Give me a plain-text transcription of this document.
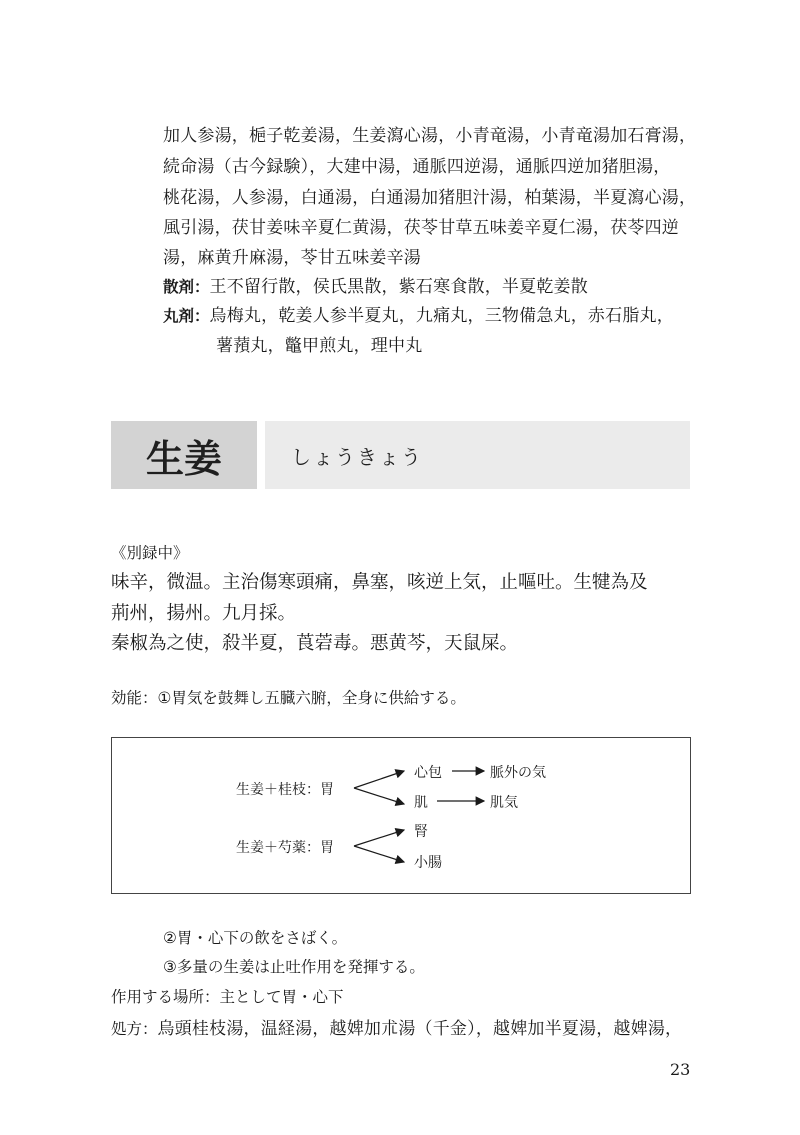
加人参湯，梔子乾姜湯，生姜瀉心湯，小青竜湯，小青竜湯加石膏湯，
続命湯（古今録験），大建中湯，通脈四逆湯，通脈四逆加猪胆湯，
桃花湯，人参湯，白通湯，白通湯加猪胆汁湯，柏葉湯，半夏瀉心湯，
風引湯，茯甘姜味辛夏仁黄湯，茯苓甘草五味姜辛夏仁湯，茯苓四逆
湯，麻黄升麻湯，苓甘五味姜辛湯
散剤：王不留行散，侯氏黒散，紫石寒食散，半夏乾姜散
丸剤：烏梅丸，乾姜人参半夏丸，九痛丸，三物備急丸，赤石脂丸，
薯蕷丸，鼈甲煎丸，理中丸
生姜	しょうきょう
《別録中》
味辛，微温。主治傷寒頭痛，鼻塞，咳逆上気，止嘔吐。生犍為及
荊州，揚州。九月採。
秦椒為之使，殺半夏，莨菪毒。悪黄芩，天鼠屎。
効能：①胃気を鼓舞し五臓六腑，全身に供給する。
生姜＋桂枝：胃
心包	脈外の気
肌	肌気
生姜＋芍薬：胃
腎
小腸
②胃・心下の飲をさばく。
③多量の生姜は止吐作用を発揮する。
作用する場所：主として胃・心下
処方：烏頭桂枝湯，温経湯，越婢加朮湯（千金），越婢加半夏湯，越婢湯，
23
